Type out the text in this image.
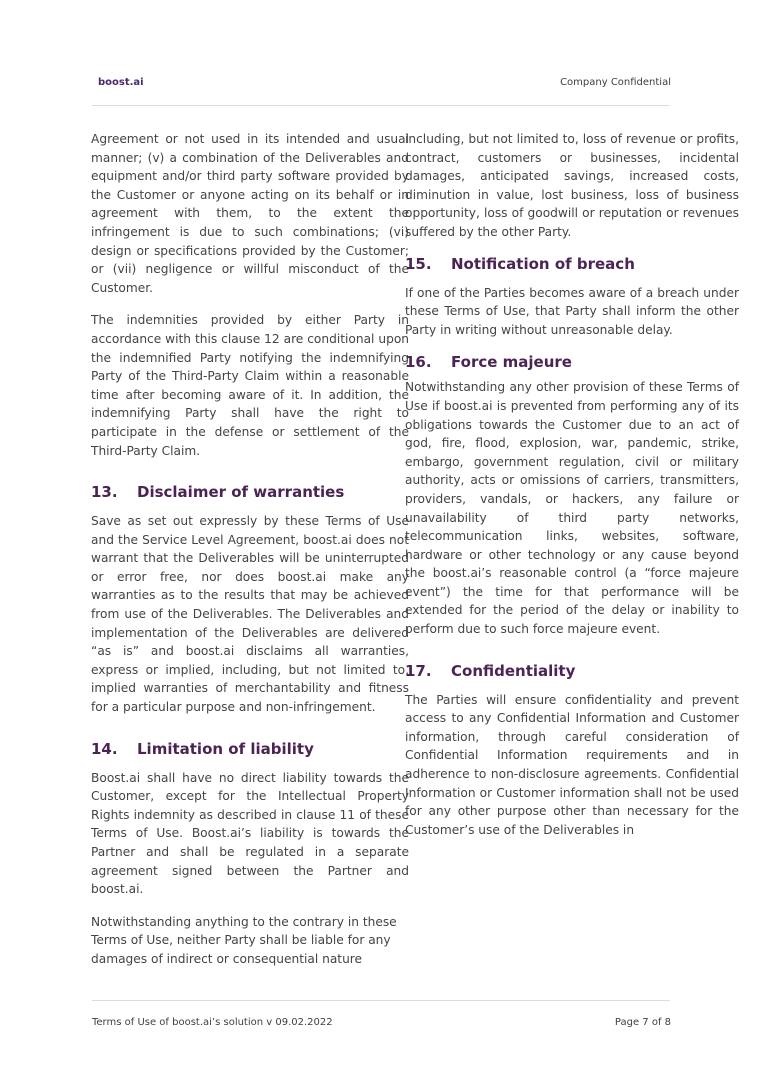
boost.ai	Company Confidential

Agreement or not used in its intended and usual manner; (v) a combination of the Deliverables and equipment and/or third party software provided by the Customer or anyone acting on its behalf or in agreement with them, to the extent the infringement is due to such combinations; (vi) design or specifications provided by the Customer; or (vii) negligence or willful misconduct of the Customer.

The indemnities provided by either Party in accordance with this clause 12 are conditional upon the indemnified Party notifying the indemnifying Party of the Third-Party Claim within a reasonable time after becoming aware of it. In addition, the indemnifying Party shall have the right to participate in the defense or settlement of the Third-Party Claim.

13. Disclaimer of warranties

Save as set out expressly by these Terms of Use and the Service Level Agreement, boost.ai does not warrant that the Deliverables will be uninterrupted or error free, nor does boost.ai make any warranties as to the results that may be achieved from use of the Deliverables. The Deliverables and implementation of the Deliverables are delivered “as is” and boost.ai disclaims all warranties, express or implied, including, but not limited to, implied warranties of merchantability and fitness for a particular purpose and non-infringement.

14. Limitation of liability

Boost.ai shall have no direct liability towards the Customer, except for the Intellectual Property Rights indemnity as described in clause 11 of these Terms of Use. Boost.ai’s liability is towards the Partner and shall be regulated in a separate agreement signed between the Partner and boost.ai.

Notwithstanding anything to the contrary in these Terms of Use, neither Party shall be liable for any damages of indirect or consequential nature

including, but not limited to, loss of revenue or profits, contract, customers or businesses, incidental damages, anticipated savings, increased costs, diminution in value, lost business, loss of business opportunity, loss of goodwill or reputation or revenues suffered by the other Party.

15. Notification of breach

If one of the Parties becomes aware of a breach under these Terms of Use, that Party shall inform the other Party in writing without unreasonable delay.

16. Force majeure

Notwithstanding any other provision of these Terms of Use if boost.ai is prevented from performing any of its obligations towards the Customer due to an act of god, fire, flood, explosion, war, pandemic, strike, embargo, government regulation, civil or military authority, acts or omissions of carriers, transmitters, providers, vandals, or hackers, any failure or unavailability of third party networks, telecommunication links, websites, software, hardware or other technology or any cause beyond the boost.ai’s reasonable control (a “force majeure event”) the time for that performance will be extended for the period of the delay or inability to perform due to such force majeure event.

17. Confidentiality

The Parties will ensure confidentiality and prevent access to any Confidential Information and Customer information, through careful consideration of Confidential Information requirements and in adherence to non-disclosure agreements. Confidential Information or Customer information shall not be used for any other purpose other than necessary for the Customer’s use of the Deliverables in

Terms of Use of boost.ai’s solution v 09.02.2022	Page 7 of 8
